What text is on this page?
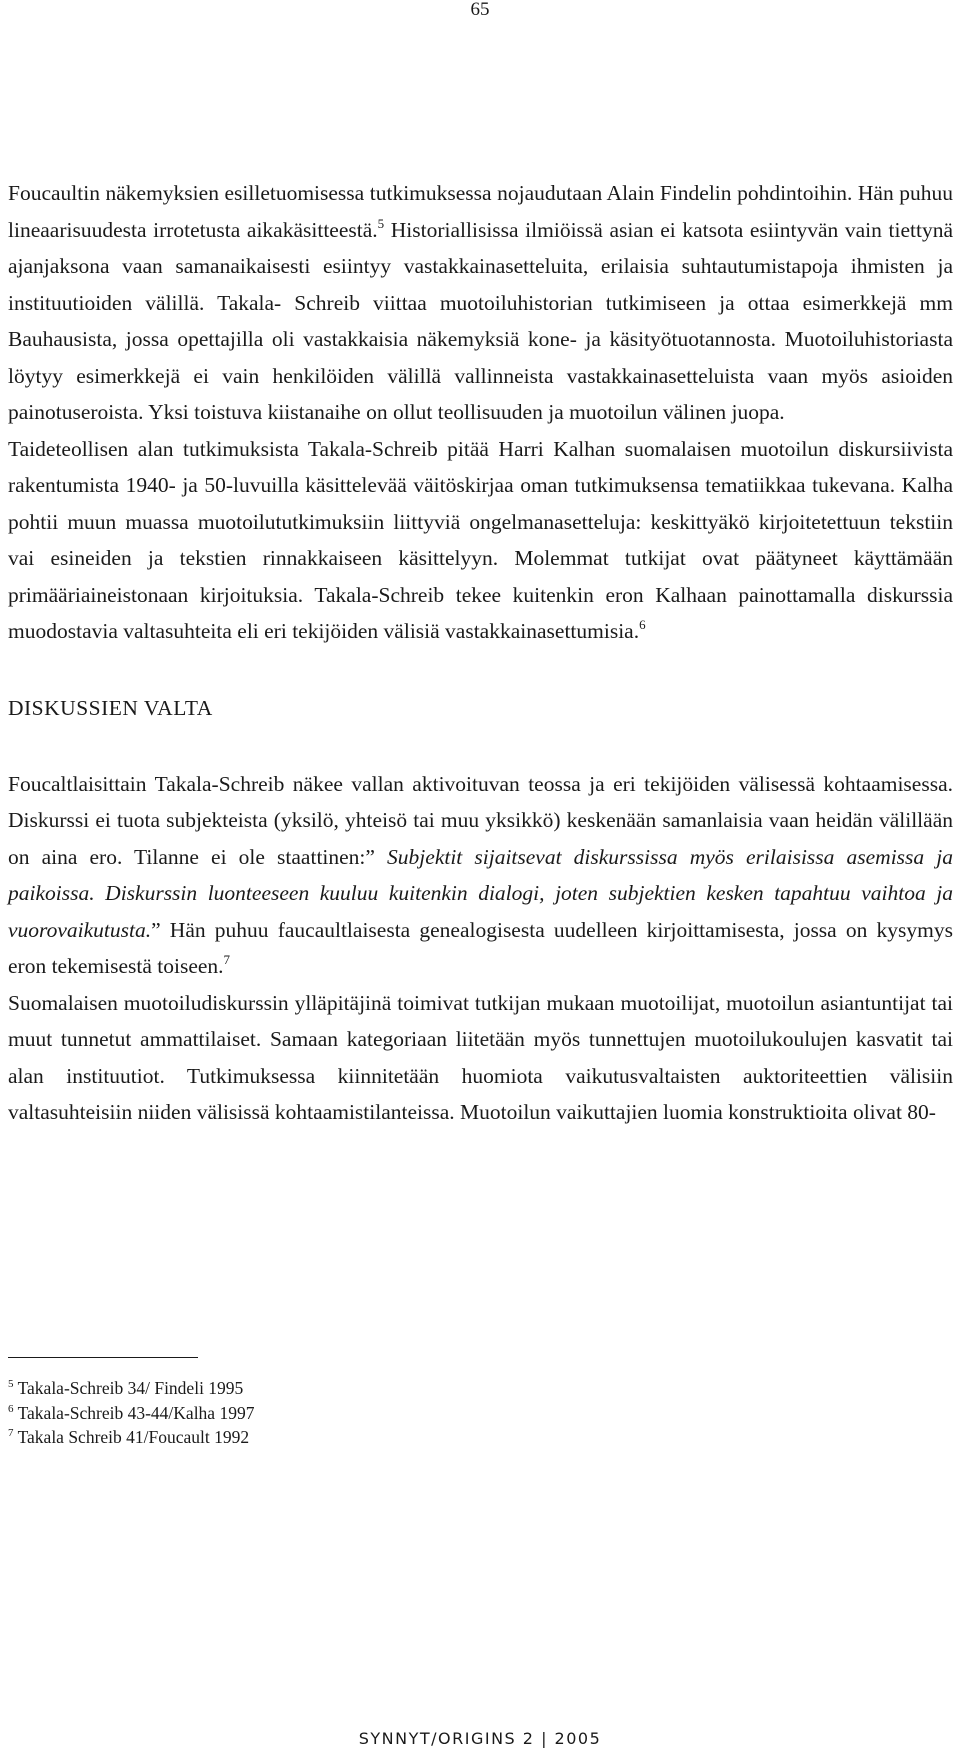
65

Foucaultin näkemyksien esilletuomisessa tutkimuksessa nojaudutaan Alain Findelin pohdintoihin. Hän puhuu lineaarisuudesta irrotetusta aikakäsitteestä.$^5$ Historiallisissa ilmiöissä asian ei katsota esiintyvän vain tiettynä ajanjaksona vaan samanaikaisesti esiintyy vastakkainasetteluita, erilaisia suhtautumistapoja ihmisten ja instituutioiden välillä. Takala- Schreib viittaa muotoiluhistorian tutkimiseen ja ottaa esimerkkejä mm Bauhausista, jossa opettajilla oli vastakkaisia näkemyksiä kone- ja käsityötuotannosta. Muotoiluhistoriasta löytyy esimerkkejä ei vain henkilöiden välillä vallinneista vastakkainasetteluista vaan myös asioiden painotuseroista. Yksi toistuva kiistanaihe on ollut teollisuuden ja muotoilun välinen juopa.

Taideteollisen alan tutkimuksista Takala-Schreib pitää Harri Kalhan suomalaisen muotoilun diskursiivista rakentumista 1940- ja 50-luvuilla käsittelevää väitöskirjaa oman tutkimuksensa tematiikkaa tukevana. Kalha pohtii muun muassa muotoilututkimuksiin liittyviä ongelmanasetteluja: keskittyäkö kirjoitetettuun tekstiin vai esineiden ja tekstien rinnakkaiseen käsittelyyn. Molemmat tutkijat ovat päätyneet käyttämään primääriaineistonaan kirjoituksia. Takala-Schreib tekee kuitenkin eron Kalhaan painottamalla diskurssia muodostavia valtasuhteita eli eri tekijöiden välisiä vastakkainasettumisia.$^6$

DISKUSSIEN VALTA

Foucaltlaisittain Takala-Schreib näkee vallan aktivoituvan teossa ja eri tekijöiden välisessä kohtaamisessa. Diskurssi ei tuota subjekteista (yksilö, yhteisö tai muu yksikkö) keskenään samanlaisia vaan heidän välillään on aina ero. Tilanne ei ole staattinen:” Subjektit sijaitsevat diskurssissa myös erilaisissa asemissa ja paikoissa. Diskurssin luonteeseen kuuluu kuitenkin dialogi, joten subjektien kesken tapahtuu vaihtoa ja vuorovaikutusta.” Hän puhuu faucaultlaisesta genealogisesta uudelleen kirjoittamisesta, jossa on kysymys eron tekemisestä toiseen.$^7$

Suomalaisen muotoiludiskurssin ylläpitäjinä toimivat tutkijan mukaan muotoilijat, muotoilun asiantuntijat tai muut tunnetut ammattilaiset. Samaan kategoriaan liitetään myös tunnettujen muotoilukoulujen kasvatit tai alan instituutiot. Tutkimuksessa kiinnitetään huomiota vaikutusvaltaisten auktoriteettien välisiin valtasuhteisiin niiden välisissä kohtaamistilanteissa. Muotoilun vaikuttajien luomia konstruktioita olivat 80-

$^5$ Takala-Schreib 34/ Findeli 1995
$^6$ Takala-Schreib 43-44/Kalha 1997
$^7$ Takala Schreib 41/Foucault 1992
SYNNYT/ORIGINS 2 | 2005
